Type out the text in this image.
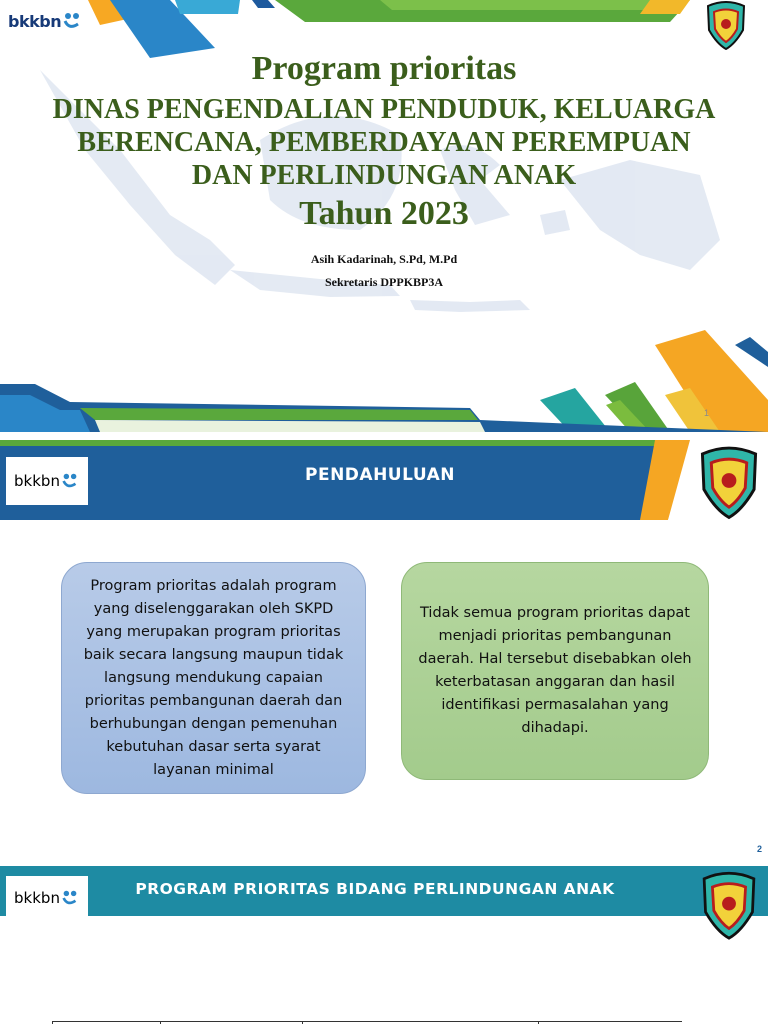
bkkbn
Program prioritas
DINAS PENGENDALIAN PENDUDUK, KELUARGA
BERENCANA, PEMBERDAYAAN PEREMPUAN
DAN PERLINDUNGAN ANAK
Tahun 2023
Asih Kadarinah, S.Pd, M.Pd
Sekretaris DPPKBP3A
1
bkkbn	PENDAHULUAN
Program prioritas adalah program yang diselenggarakan oleh SKPD yang merupakan program prioritas baik secara langsung maupun tidak langsung mendukung capaian prioritas pembangunan daerah dan berhubungan dengan pemenuhan kebutuhan dasar serta syarat layanan minimal
Tidak semua program prioritas dapat menjadi prioritas pembangunan daerah. Hal tersebut disebabkan oleh keterbatasan anggaran dan hasil identifikasi permasalahan yang dihadapi.
2
bkkbn	PROGRAM PRIORITAS BIDANG PERLINDUNGAN ANAK
